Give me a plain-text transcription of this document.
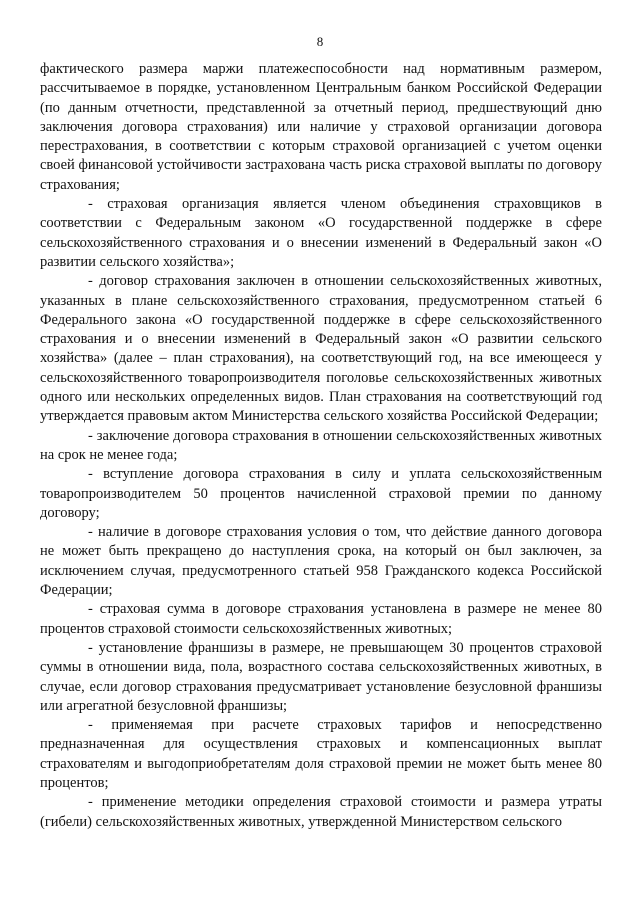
8

фактического размера маржи платежеспособности над нормативным размером, рассчитываемое в порядке, установленном Центральным банком Российской Федерации (по данным отчетности, представленной за отчетный период, предшествующий дню заключения договора страхования) или наличие у страховой организации договора перестрахования, в соответствии с которым страховой организацией с учетом оценки своей финансовой устойчивости застрахована часть риска страховой выплаты по договору страхования;

- страховая организация является членом объединения страховщиков в соответствии с Федеральным законом «О государственной поддержке в сфере сельскохозяйственного страхования и о внесении изменений в Федеральный закон «О развитии сельского хозяйства»;

- договор страхования заключен в отношении сельскохозяйственных животных, указанных в плане сельскохозяйственного страхования, предусмотренном статьей 6 Федерального закона «О государственной поддержке в сфере сельскохозяйственного страхования и о внесении изменений в Федеральный закон «О развитии сельского хозяйства» (далее – план страхования), на соответствующий год, на все имеющееся у сельскохозяйственного товаропроизводителя поголовье сельскохозяйственных животных одного или нескольких определенных видов. План страхования на соответствующий год утверждается правовым актом Министерства сельского хозяйства Российской Федерации;

- заключение договора страхования в отношении сельскохозяйственных животных на срок не менее года;

- вступление договора страхования в силу и уплата сельскохозяйственным товаропроизводителем 50 процентов начисленной страховой премии по данному договору;

- наличие в договоре страхования условия о том, что действие данного договора не может быть прекращено до наступления срока, на который он был заключен, за исключением случая, предусмотренного статьей 958 Гражданского кодекса Российской Федерации;

- страховая сумма в договоре страхования установлена в размере не менее 80 процентов страховой стоимости сельскохозяйственных животных;

- установление франшизы в размере, не превышающем 30 процентов страховой суммы в отношении вида, пола, возрастного состава сельскохозяйственных животных, в случае, если договор страхования предусматривает установление безусловной франшизы или агрегатной безусловной франшизы;

- применяемая при расчете страховых тарифов и непосредственно предназначенная для осуществления страховых и компенсационных выплат страхователям и выгодоприобретателям доля страховой премии не может быть менее 80 процентов;

- применение методики определения страховой стоимости и размера утраты (гибели) сельскохозяйственных животных, утвержденной Министерством сельского
